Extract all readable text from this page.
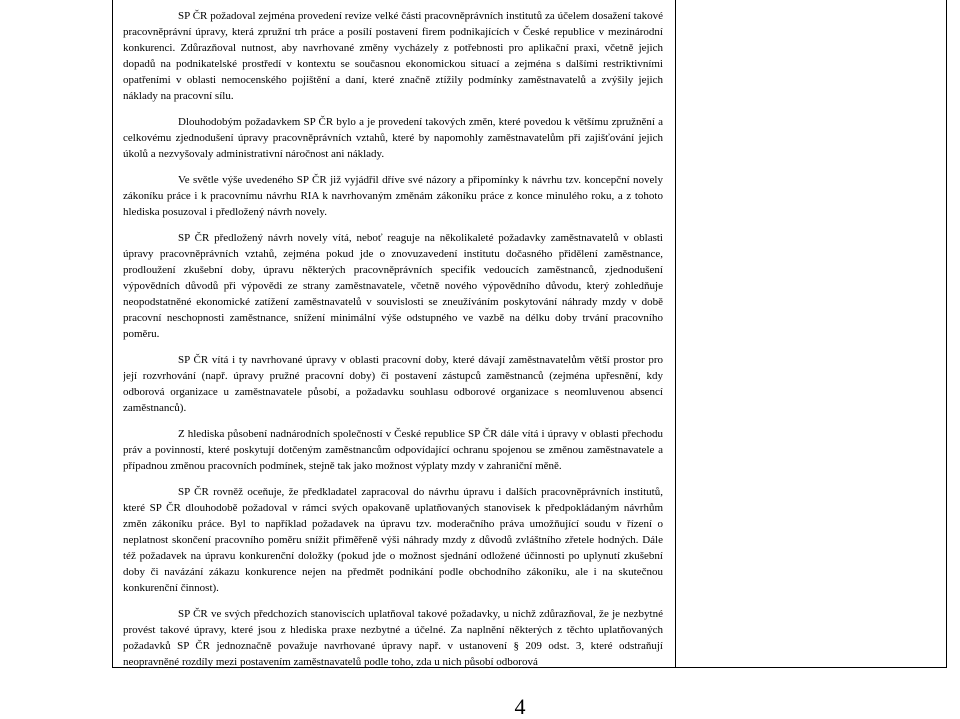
SP ČR požadoval zejména provedení revize velké části pracovněprávních institutů za účelem dosažení takové pracovněprávní úpravy, která zpružní trh práce a posílí postavení firem podnikajících v České republice v mezinárodní konkurenci. Zdůrazňoval nutnost, aby navrhované změny vycházely z potřebnosti pro aplikační praxi, včetně jejich dopadů na podnikatelské prostředí v kontextu se současnou ekonomickou situací a zejména s dalšími restriktivními opatřeními v oblasti nemocenského pojištění a daní, které značně ztížily podmínky zaměstnavatelů a zvýšily jejich náklady na pracovní sílu.

Dlouhodobým požadavkem SP ČR bylo a je provedení takových změn, které povedou k většímu zpružnění a celkovému zjednodušení úpravy pracovněprávních vztahů, které by napomohly zaměstnavatelům při zajišťování jejich úkolů a nezvyšovaly administrativní náročnost ani náklady.

Ve světle výše uvedeného SP ČR již vyjádřil dříve své názory a připomínky k návrhu tzv. koncepční novely zákoníku práce i k pracovnímu návrhu RIA k navrhovaným změnám zákoníku práce z konce minulého roku, a z tohoto hlediska posuzoval i předložený návrh novely.

SP ČR předložený návrh novely vítá, neboť reaguje na několikaleté požadavky zaměstnavatelů v oblasti úpravy pracovněprávních vztahů, zejména pokud jde o znovuzavedení institutu dočasného přidělení zaměstnance, prodloužení zkušební doby, úpravu některých pracovněprávních specifik vedoucích zaměstnanců, zjednodušení výpovědních důvodů při výpovědi ze strany zaměstnavatele, včetně nového výpovědního důvodu, který zohledňuje neopodstatněné ekonomické zatížení zaměstnavatelů v souvislosti se zneužíváním poskytování náhrady mzdy v době pracovní neschopnosti zaměstnance, snížení minimální výše odstupného ve vazbě na délku doby trvání pracovního poměru.

SP ČR vítá i ty navrhované úpravy v oblasti pracovní doby, které dávají zaměstnavatelům větší prostor pro její rozvrhování (např. úpravy pružné pracovní doby) či postavení zástupců zaměstnanců (zejména upřesnění, kdy odborová organizace u zaměstnavatele působí, a požadavku souhlasu odborové organizace s neomluvenou absencí zaměstnanců).

Z hlediska působení nadnárodních společností v České republice SP ČR dále vítá i úpravy v oblasti přechodu práv a povinností, které poskytují dotčeným zaměstnancům odpovídající ochranu spojenou se změnou zaměstnavatele a případnou změnou pracovních podmínek, stejně tak jako možnost výplaty mzdy v zahraniční měně.

SP ČR rovněž oceňuje, že předkladatel zapracoval do návrhu úpravu i dalších pracovněprávních institutů, které SP ČR dlouhodobě požadoval v rámci svých opakovaně uplatňovaných stanovisek k předpokládaným návrhům změn zákoníku práce. Byl to například požadavek na úpravu tzv. moderačního práva umožňující soudu v řízení o neplatnost skončení pracovního poměru snížit přiměřeně výši náhrady mzdy z důvodů zvláštního zřetele hodných. Dále též požadavek na úpravu konkurenční doložky (pokud jde o možnost sjednání odložené účinnosti po uplynutí zkušební doby či navázání zákazu konkurence nejen na předmět podnikání podle obchodního zákoníku, ale i na skutečnou konkurenční činnost).

SP ČR ve svých předchozích stanoviscích uplatňoval takové požadavky, u nichž zdůrazňoval, že je nezbytné provést takové úpravy, které jsou z hlediska praxe nezbytné a účelné. Za naplnění některých z těchto uplatňovaných požadavků SP ČR jednoznačně považuje navrhované úpravy např. v ustanovení § 209 odst. 3, které odstraňují neopravněné rozdíly mezi postavením zaměstnavatelů podle toho, zda u nich působí odborová

4
